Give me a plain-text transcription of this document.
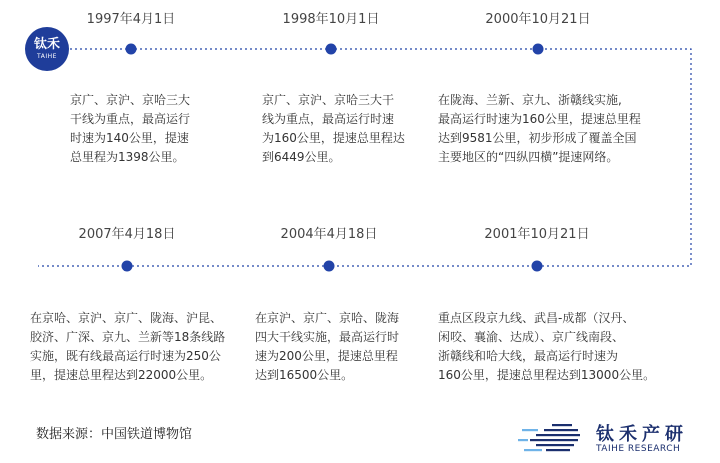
钛禾
TAIHE
1997年4月1日
京广、京沪、京哈三大
干线为重点，最高运行
时速为140公里，提速
总里程为1398公里。
1998年10月1日
京广、京沪、京哈三大干
线为重点，最高运行时速
为160公里，提速总里程达
到6449公里。
2000年10月21日
在陇海、兰新、京九、浙赣线实施,
最高运行时速为160公里，提速总里程
达到9581公里，初步形成了覆盖全国
主要地区的“四纵四横”提速网络。
2007年4月18日
在京哈、京沪、京广、陇海、沪昆、
胶济、广深、京九、兰新等18条线路
实施，既有线最高运行时速为250公
里，提速总里程达到22000公里。
2004年4月18日
在京沪、京广、京哈、陇海
四大干线实施，最高运行时
速为200公里，提速总里程
达到16500公里。
2001年10月21日
重点区段京九线、武昌-成都（汉丹、
闲咬、襄渝、达成）、京广线南段、
浙赣线和哈大线，最高运行时速为
160公里，提速总里程达到13000公里。
数据来源：中国铁道博物馆	钛禾产研
TAIHE RESEARCH
